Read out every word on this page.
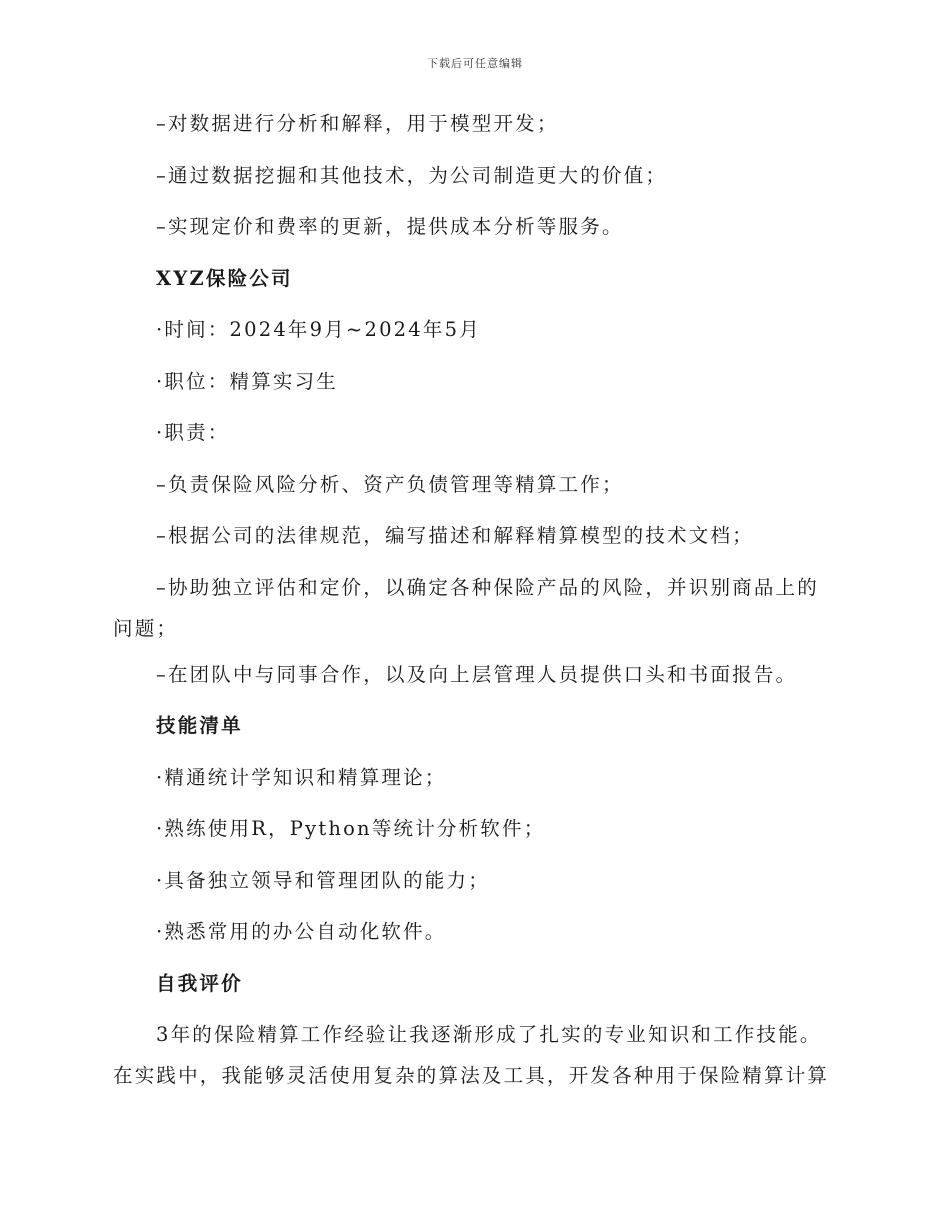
下载后可任意编辑

–对数据进行分析和解释，用于模型开发；

–通过数据挖掘和其他技术，为公司制造更大的价值；

–实现定价和费率的更新，提供成本分析等服务。

XYZ保险公司

·时间：2024年9月~2024年5月

·职位：精算实习生

·职责：

–负责保险风险分析、资产负债管理等精算工作；

–根据公司的法律规范，编写描述和解释精算模型的技术文档；

–协助独立评估和定价，以确定各种保险产品的风险，并识别商品上的问题；

–在团队中与同事合作，以及向上层管理人员提供口头和书面报告。

技能清单

·精通统计学知识和精算理论；

·熟练使用R，Python等统计分析软件；

·具备独立领导和管理团队的能力；

·熟悉常用的办公自动化软件。

自我评价

3年的保险精算工作经验让我逐渐形成了扎实的专业知识和工作技能。在实践中，我能够灵活使用复杂的算法及工具，开发各种用于保险精算计算
